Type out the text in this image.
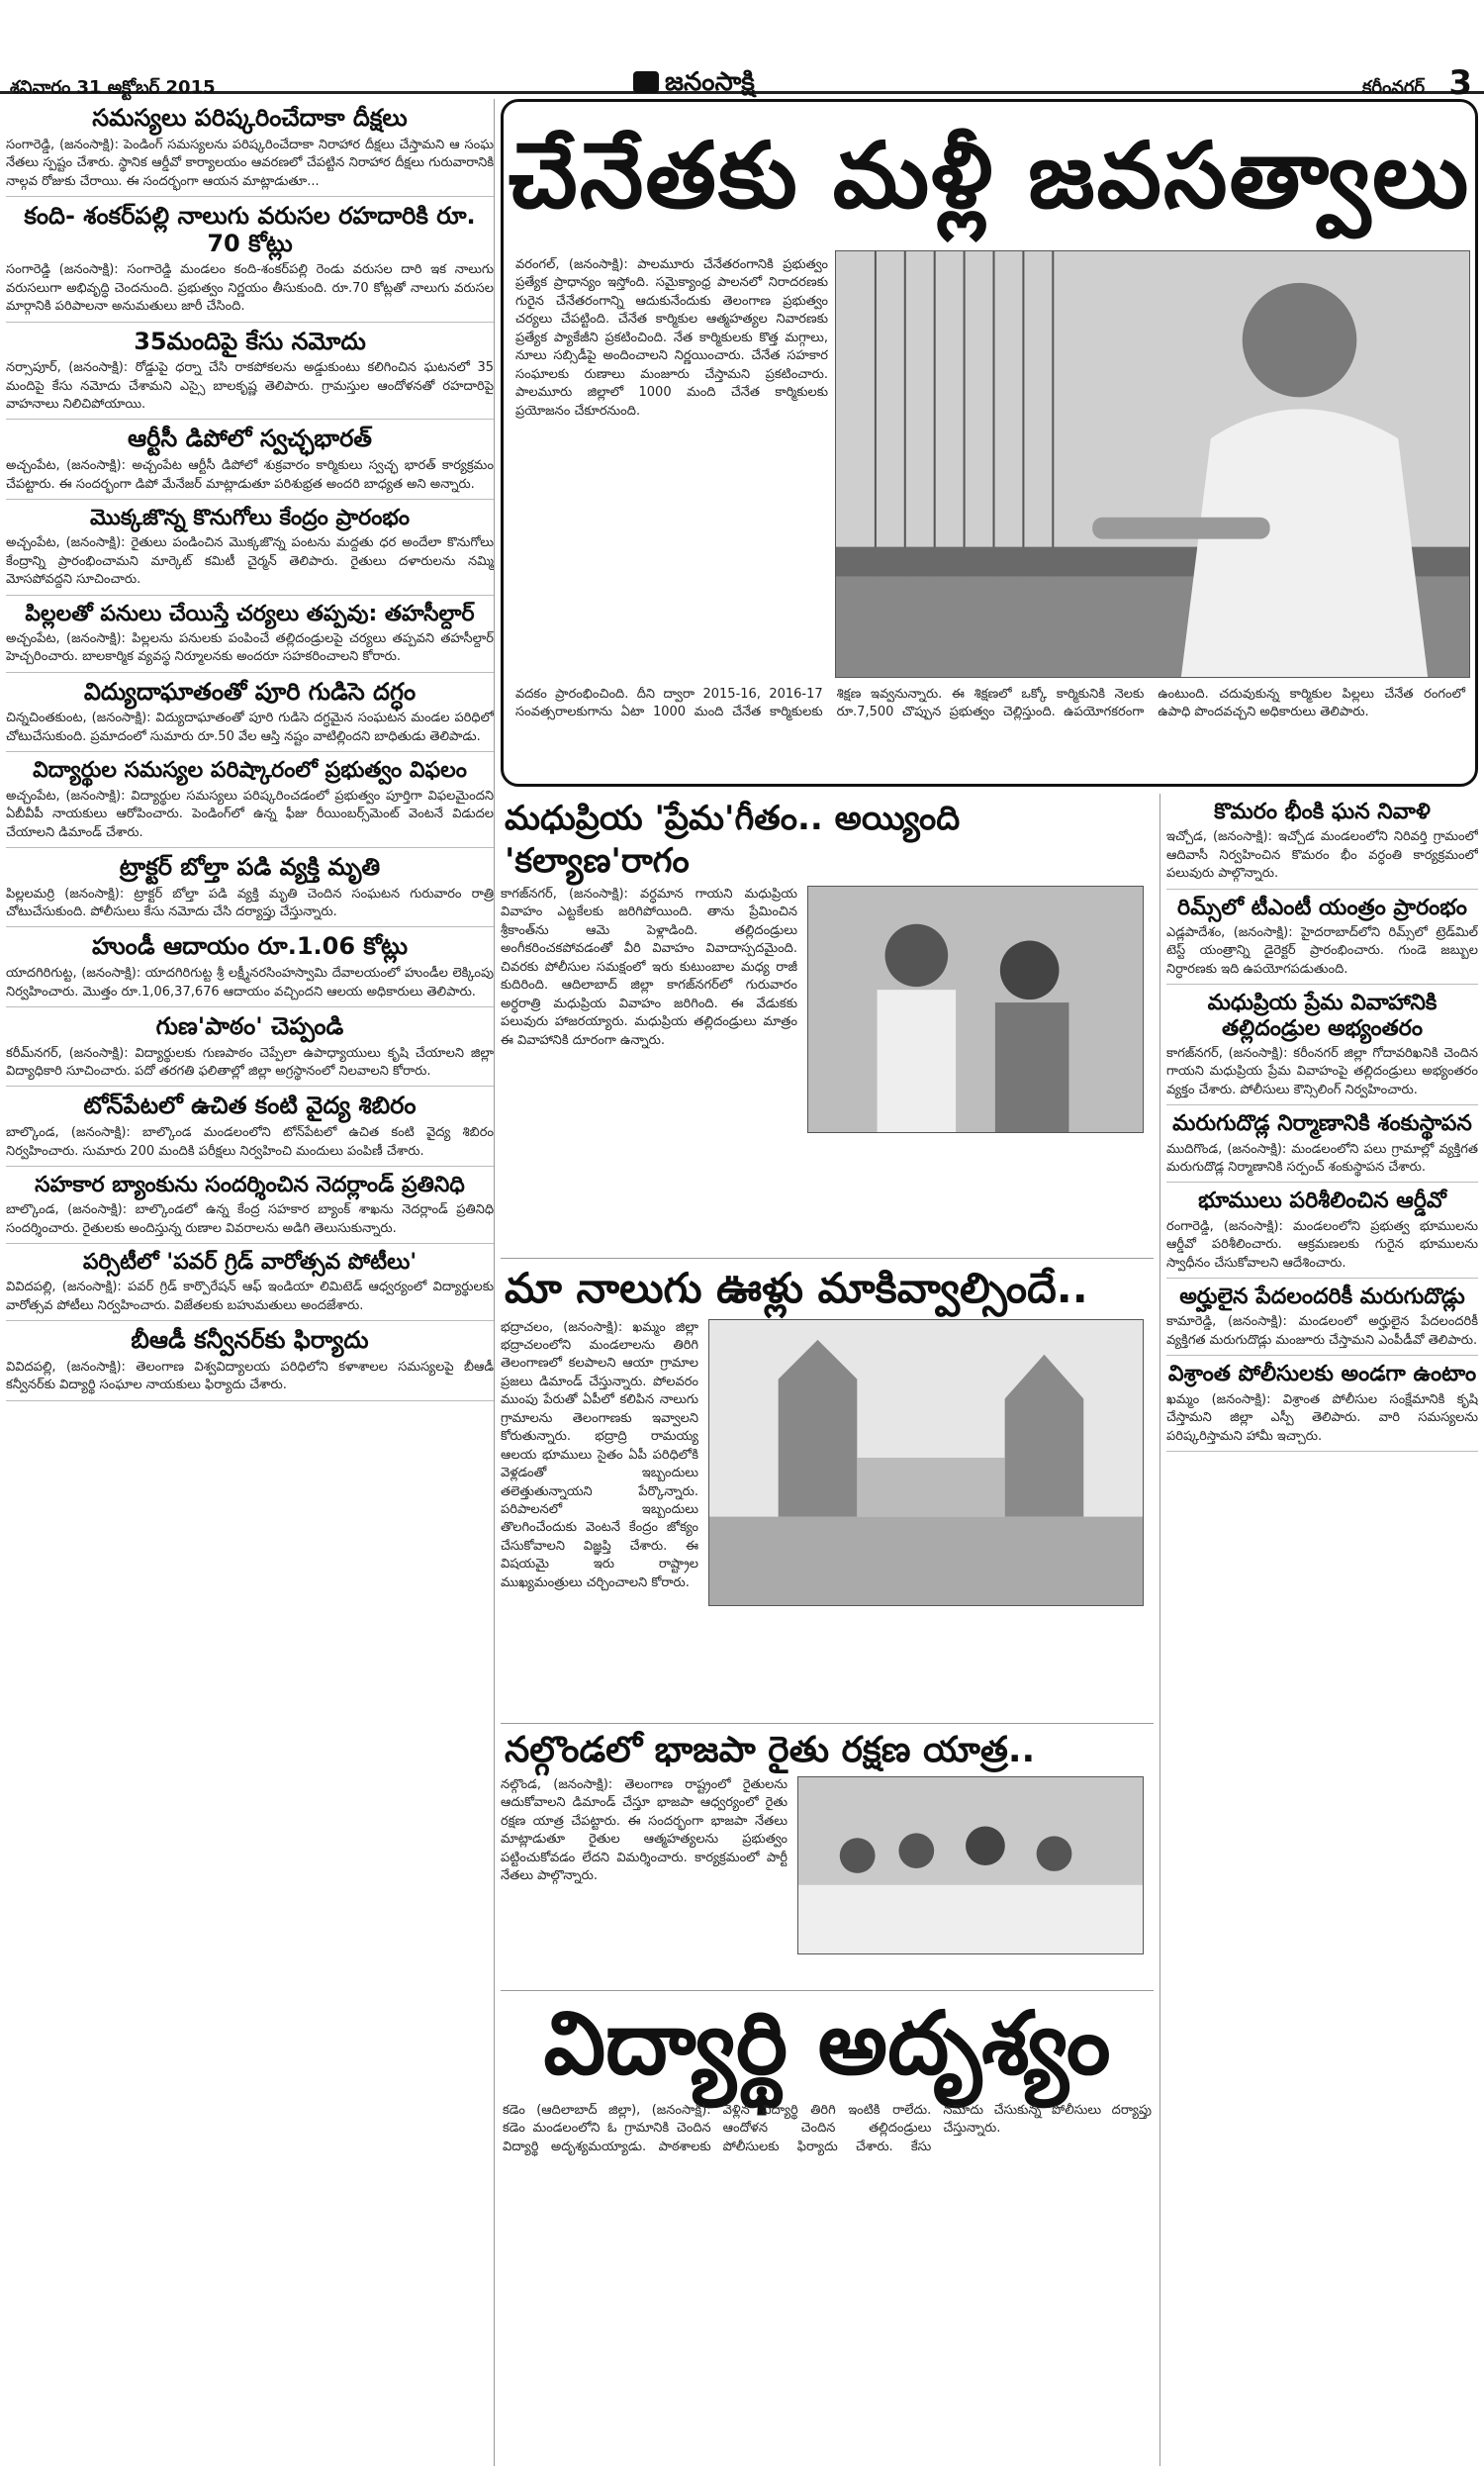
శనివారం 31 అక్టోబర్ 2015	జనంసాక్షి	కరీంనగర్ 3
సమస్యలు పరిష్కరించేదాకా దీక్షలు
సంగారెడ్డి, (జనంసాక్షి): పెండింగ్ సమస్యలను పరిష్కరించేదాకా నిరాహార దీక్షలు చేస్తామని ఆ సంఘ నేతలు స్పష్టం చేశారు. స్థానిక ఆర్డీవో కార్యాలయం ఆవరణలో చేపట్టిన నిరాహార దీక్షలు గురువారానికి నాల్గవ రోజుకు చేరాయి. ఈ సందర్భంగా ఆయన మాట్లాడుతూ...
కంది- శంకర్‌పల్లి నాలుగు వరుసల రహదారికి రూ. 70 కోట్లు
సంగారెడ్డి (జనంసాక్షి): సంగారెడ్డి మండలం కంది-శంకర్‌పల్లి రెండు వరుసల దారి ఇక నాలుగు వరుసలుగా అభివృద్ధి చెందనుంది. ప్రభుత్వం నిర్ణయం తీసుకుంది. రూ.70 కోట్లతో నాలుగు వరుసల మార్గానికి పరిపాలనా అనుమతులు జారీ చేసింది.
35మందిపై కేసు నమోదు
నర్సాపూర్, (జనంసాక్షి): రోడ్డుపై ధర్నా చేసి రాకపోకలను అడ్డుకుంటు కలిగించిన ఘటనలో 35 మందిపై కేసు నమోదు చేశామని ఎస్సై బాలకృష్ణ తెలిపారు. గ్రామస్తుల ఆందోళనతో రహదారిపై వాహనాలు నిలిచిపోయాయి.
ఆర్టీసీ డిపోలో స్వచ్ఛభారత్
అచ్చంపేట, (జనంసాక్షి): అచ్చంపేట ఆర్టీసీ డిపోలో శుక్రవారం కార్మికులు స్వచ్ఛ భారత్ కార్యక్రమం చేపట్టారు. ఈ సందర్భంగా డిపో మేనేజర్ మాట్లాడుతూ పరిశుభ్రత అందరి బాధ్యత అని అన్నారు.
మొక్కజొన్న కొనుగోలు కేంద్రం ప్రారంభం
అచ్చంపేట, (జనంసాక్షి): రైతులు పండించిన మొక్కజొన్న పంటను మద్దతు ధర అందేలా కొనుగోలు కేంద్రాన్ని ప్రారంభించామని మార్కెట్ కమిటీ చైర్మన్ తెలిపారు. రైతులు దళారులను నమ్మి మోసపోవద్దని సూచించారు.
పిల్లలతో పనులు చేయిస్తే చర్యలు తప్పవు: తహసీల్దార్
అచ్చంపేట, (జనంసాక్షి): పిల్లలను పనులకు పంపించే తల్లిదండ్రులపై చర్యలు తప్పవని తహసీల్దార్ హెచ్చరించారు. బాలకార్మిక వ్యవస్థ నిర్మూలనకు అందరూ సహకరించాలని కోరారు.
విద్యుదాఘాతంతో పూరి గుడిసె దగ్ధం
చిన్నచింతకుంట, (జనంసాక్షి): విద్యుదాఘాతంతో పూరి గుడిసె దగ్ధమైన సంఘటన మండల పరిధిలో చోటుచేసుకుంది. ప్రమాదంలో సుమారు రూ.50 వేల ఆస్తి నష్టం వాటిల్లిందని బాధితుడు తెలిపాడు.
విద్యార్థుల సమస్యల పరిష్కారంలో ప్రభుత్వం విఫలం
అచ్చంపేట, (జనంసాక్షి): విద్యార్థుల సమస్యలు పరిష్కరించడంలో ప్రభుత్వం పూర్తిగా విఫలమైందని ఏబీవీపీ నాయకులు ఆరోపించారు. పెండింగ్‌లో ఉన్న ఫీజు రీయింబర్స్‌మెంట్ వెంటనే విడుదల చేయాలని డిమాండ్ చేశారు.
ట్రాక్టర్ బోల్తా పడి వ్యక్తి మృతి
పిల్లలమర్రి (జనంసాక్షి): ట్రాక్టర్ బోల్తా పడి వ్యక్తి మృతి చెందిన సంఘటన గురువారం రాత్రి చోటుచేసుకుంది. పోలీసులు కేసు నమోదు చేసి దర్యాప్తు చేస్తున్నారు.
హుండీ ఆదాయం రూ.1.06 కోట్లు
యాదగిరిగుట్ట, (జనంసాక్షి): యాదగిరిగుట్ట శ్రీ లక్ష్మీనరసింహస్వామి దేవాలయంలో హుండీల లెక్కింపు నిర్వహించారు. మొత్తం రూ.1,06,37,676 ఆదాయం వచ్చిందని ఆలయ అధికారులు తెలిపారు.
గుణ'పాఠం' చెప్పండి
కరీమ్‌నగర్, (జనంసాక్షి): విద్యార్థులకు గుణపాఠం చెప్పేలా ఉపాధ్యాయులు కృషి చేయాలని జిల్లా విద్యాధికారి సూచించారు. పదో తరగతి ఫలితాల్లో జిల్లా అగ్రస్థానంలో నిలవాలని కోరారు.
టోన్‌పేటలో ఉచిత కంటి వైద్య శిబిరం
బాల్కొండ, (జనంసాక్షి): బాల్కొండ మండలంలోని టోన్‌పేటలో ఉచిత కంటి వైద్య శిబిరం నిర్వహించారు. సుమారు 200 మందికి పరీక్షలు నిర్వహించి మందులు పంపిణీ చేశారు.
సహకార బ్యాంకును సందర్శించిన నెదర్లాండ్ ప్రతినిధి
బాల్కొండ, (జనంసాక్షి): బాల్కొండలో ఉన్న కేంద్ర సహకార బ్యాంక్ శాఖను నెదర్లాండ్ ప్రతినిధి సందర్శించారు. రైతులకు అందిస్తున్న రుణాల వివరాలను అడిగి తెలుసుకున్నారు.
పర్సిటీలో 'పవర్ గ్రిడ్ వారోత్సవ పోటీలు'
వివిదపల్లి, (జనంసాక్షి): పవర్ గ్రిడ్ కార్పొరేషన్ ఆఫ్ ఇండియా లిమిటెడ్ ఆధ్వర్యంలో విద్యార్థులకు వారోత్సవ పోటీలు నిర్వహించారు. విజేతలకు బహుమతులు అందజేశారు.
బీఆడీ కన్వీనర్‌కు ఫిర్యాదు
వివిదపల్లి, (జనంసాక్షి): తెలంగాణ విశ్వవిద్యాలయ పరిధిలోని కళాశాలల సమస్యలపై బీఆడీ కన్వీనర్‌కు విద్యార్థి సంఘాల నాయకులు ఫిర్యాదు చేశారు.
చేనేతకు మళ్లీ జవసత్వాలు
వరంగల్, (జనంసాక్షి): పాలమూరు చేనేతరంగానికి ప్రభుత్వం ప్రత్యేక ప్రాధాన్యం ఇస్తోంది. సమైక్యాంధ్ర పాలనలో నిరాదరణకు గురైన చేనేతరంగాన్ని ఆదుకునేందుకు తెలంగాణ ప్రభుత్వం చర్యలు చేపట్టింది. చేనేత కార్మికుల ఆత్మహత్యల నివారణకు ప్రత్యేక ప్యాకేజీని ప్రకటించింది. నేత కార్మికులకు కొత్త మగ్గాలు, నూలు సబ్సిడీపై అందించాలని నిర్ణయించారు. చేనేత సహకార సంఘాలకు రుణాలు మంజూరు చేస్తామని ప్రకటించారు. పాలమూరు జిల్లాలో 1000 మంది చేనేత కార్మికులకు ప్రయోజనం చేకూరనుంది.
వదకం ప్రారంభించింది. దీని ద్వారా 2015-16, 2016-17 సంవత్సరాలకుగాను ఏటా 1000 మంది చేనేత కార్మికులకు శిక్షణ ఇవ్వనున్నారు. ఈ శిక్షణలో ఒక్కో కార్మికునికి నెలకు రూ.7,500 చొప్పున ప్రభుత్వం చెల్లిస్తుంది. ఉపయోగకరంగా ఉంటుంది. చదువుకున్న కార్మికుల పిల్లలు చేనేత రంగంలో ఉపాధి పొందవచ్చని అధికారులు తెలిపారు.
మధుప్రియ 'ప్రేమ'గీతం.. అయ్యింది 'కల్యాణ'రాగం
కాగజ్‌నగర్, (జనంసాక్షి): వర్ధమాన గాయని మధుప్రియ వివాహం ఎట్టకేలకు జరిగిపోయింది. తాను ప్రేమించిన శ్రీకాంత్‌ను ఆమె పెళ్లాడింది. తల్లిదండ్రులు అంగీకరించకపోవడంతో వీరి వివాహం వివాదాస్పదమైంది. చివరకు పోలీసుల సమక్షంలో ఇరు కుటుంబాల మధ్య రాజీ కుదిరింది. ఆదిలాబాద్ జిల్లా కాగజ్‌నగర్‌లో గురువారం అర్ధరాత్రి మధుప్రియ వివాహం జరిగింది. ఈ వేడుకకు పలువురు హాజరయ్యారు. మధుప్రియ తల్లిదండ్రులు మాత్రం ఈ వివాహానికి దూరంగా ఉన్నారు.
మా నాలుగు ఊళ్లు మాకివ్వాల్సిందే..
భద్రాచలం, (జనంసాక్షి): ఖమ్మం జిల్లా భద్రాచలంలోని మండలాలను తిరిగి తెలంగాణలో కలపాలని ఆయా గ్రామాల ప్రజలు డిమాండ్ చేస్తున్నారు. పోలవరం ముంపు పేరుతో ఏపీలో కలిపిన నాలుగు గ్రామాలను తెలంగాణకు ఇవ్వాలని కోరుతున్నారు. భద్రాద్రి రామయ్య ఆలయ భూములు సైతం ఏపీ పరిధిలోకి వెళ్లడంతో ఇబ్బందులు తలెత్తుతున్నాయని పేర్కొన్నారు. పరిపాలనలో ఇబ్బందులు తొలగించేందుకు వెంటనే కేంద్రం జోక్యం చేసుకోవాలని విజ్ఞప్తి చేశారు. ఈ విషయమై ఇరు రాష్ట్రాల ముఖ్యమంత్రులు చర్చించాలని కోరారు.
నల్గొండలో భాజపా రైతు రక్షణ యాత్ర..
నల్గొండ, (జనంసాక్షి): తెలంగాణ రాష్ట్రంలో రైతులను ఆదుకోవాలని డిమాండ్ చేస్తూ భాజపా ఆధ్వర్యంలో రైతు రక్షణ యాత్ర చేపట్టారు. ఈ సందర్భంగా భాజపా నేతలు మాట్లాడుతూ రైతుల ఆత్మహత్యలను ప్రభుత్వం పట్టించుకోవడం లేదని విమర్శించారు. కార్యక్రమంలో పార్టీ నేతలు పాల్గొన్నారు.
విద్యార్థి అదృశ్యం
కడెం (ఆదిలాబాద్ జిల్లా), (జనంసాక్షి): కడెం మండలంలోని ఓ గ్రామానికి చెందిన విద్యార్థి అదృశ్యమయ్యాడు. పాఠశాలకు వెళ్లిన విద్యార్థి తిరిగి ఇంటికి రాలేదు. ఆందోళన చెందిన తల్లిదండ్రులు పోలీసులకు ఫిర్యాదు చేశారు. కేసు నమోదు చేసుకున్న పోలీసులు దర్యాప్తు చేస్తున్నారు.
కొమరం భీంకి ఘన నివాళి
ఇచ్చోడ, (జనంసాక్షి): ఇచ్చోడ మండలంలోని నిరివర్తి గ్రామంలో ఆదివాసీ నిర్వహించిన కొమరం భీం వర్ధంతి కార్యక్రమంలో పలువురు పాల్గొన్నారు.
రిమ్స్‌లో టీఎంటీ యంత్రం ప్రారంభం
ఎడ్లపాదేశం, (జనంసాక్షి): హైదరాబాద్‌లోని రిమ్స్‌లో ట్రెడ్‌మిల్ టెస్ట్ యంత్రాన్ని డైరెక్టర్ ప్రారంభించారు. గుండె జబ్బుల నిర్ధారణకు ఇది ఉపయోగపడుతుంది.
మధుప్రియ ప్రేమ వివాహానికి తల్లిదండ్రుల అభ్యంతరం
కాగజ్‌నగర్, (జనంసాక్షి): కరీంనగర్ జిల్లా గోదావరిఖనికి చెందిన గాయని మధుప్రియ ప్రేమ వివాహంపై తల్లిదండ్రులు అభ్యంతరం వ్యక్తం చేశారు. పోలీసులు కౌన్సిలింగ్ నిర్వహించారు.
మరుగుదొడ్ల నిర్మాణానికి శంకుస్థాపన
ముదిగొండ, (జనంసాక్షి): మండలంలోని పలు గ్రామాల్లో వ్యక్తిగత మరుగుదొడ్ల నిర్మాణానికి సర్పంచ్ శంకుస్థాపన చేశారు.
భూములు పరిశీలించిన ఆర్డీవో
రంగారెడ్డి, (జనంసాక్షి): మండలంలోని ప్రభుత్వ భూములను ఆర్డీవో పరిశీలించారు. ఆక్రమణలకు గురైన భూములను స్వాధీనం చేసుకోవాలని ఆదేశించారు.
అర్హులైన పేదలందరికీ మరుగుదొడ్లు
కామారెడ్డి, (జనంసాక్షి): మండలంలో అర్హులైన పేదలందరికీ వ్యక్తిగత మరుగుదొడ్లు మంజూరు చేస్తామని ఎంపీడీవో తెలిపారు.
విశ్రాంత పోలీసులకు అండగా ఉంటాం
ఖమ్మం (జనంసాక్షి): విశ్రాంత పోలీసుల సంక్షేమానికి కృషి చేస్తామని జిల్లా ఎస్పీ తెలిపారు. వారి సమస్యలను పరిష్కరిస్తామని హామీ ఇచ్చారు.
